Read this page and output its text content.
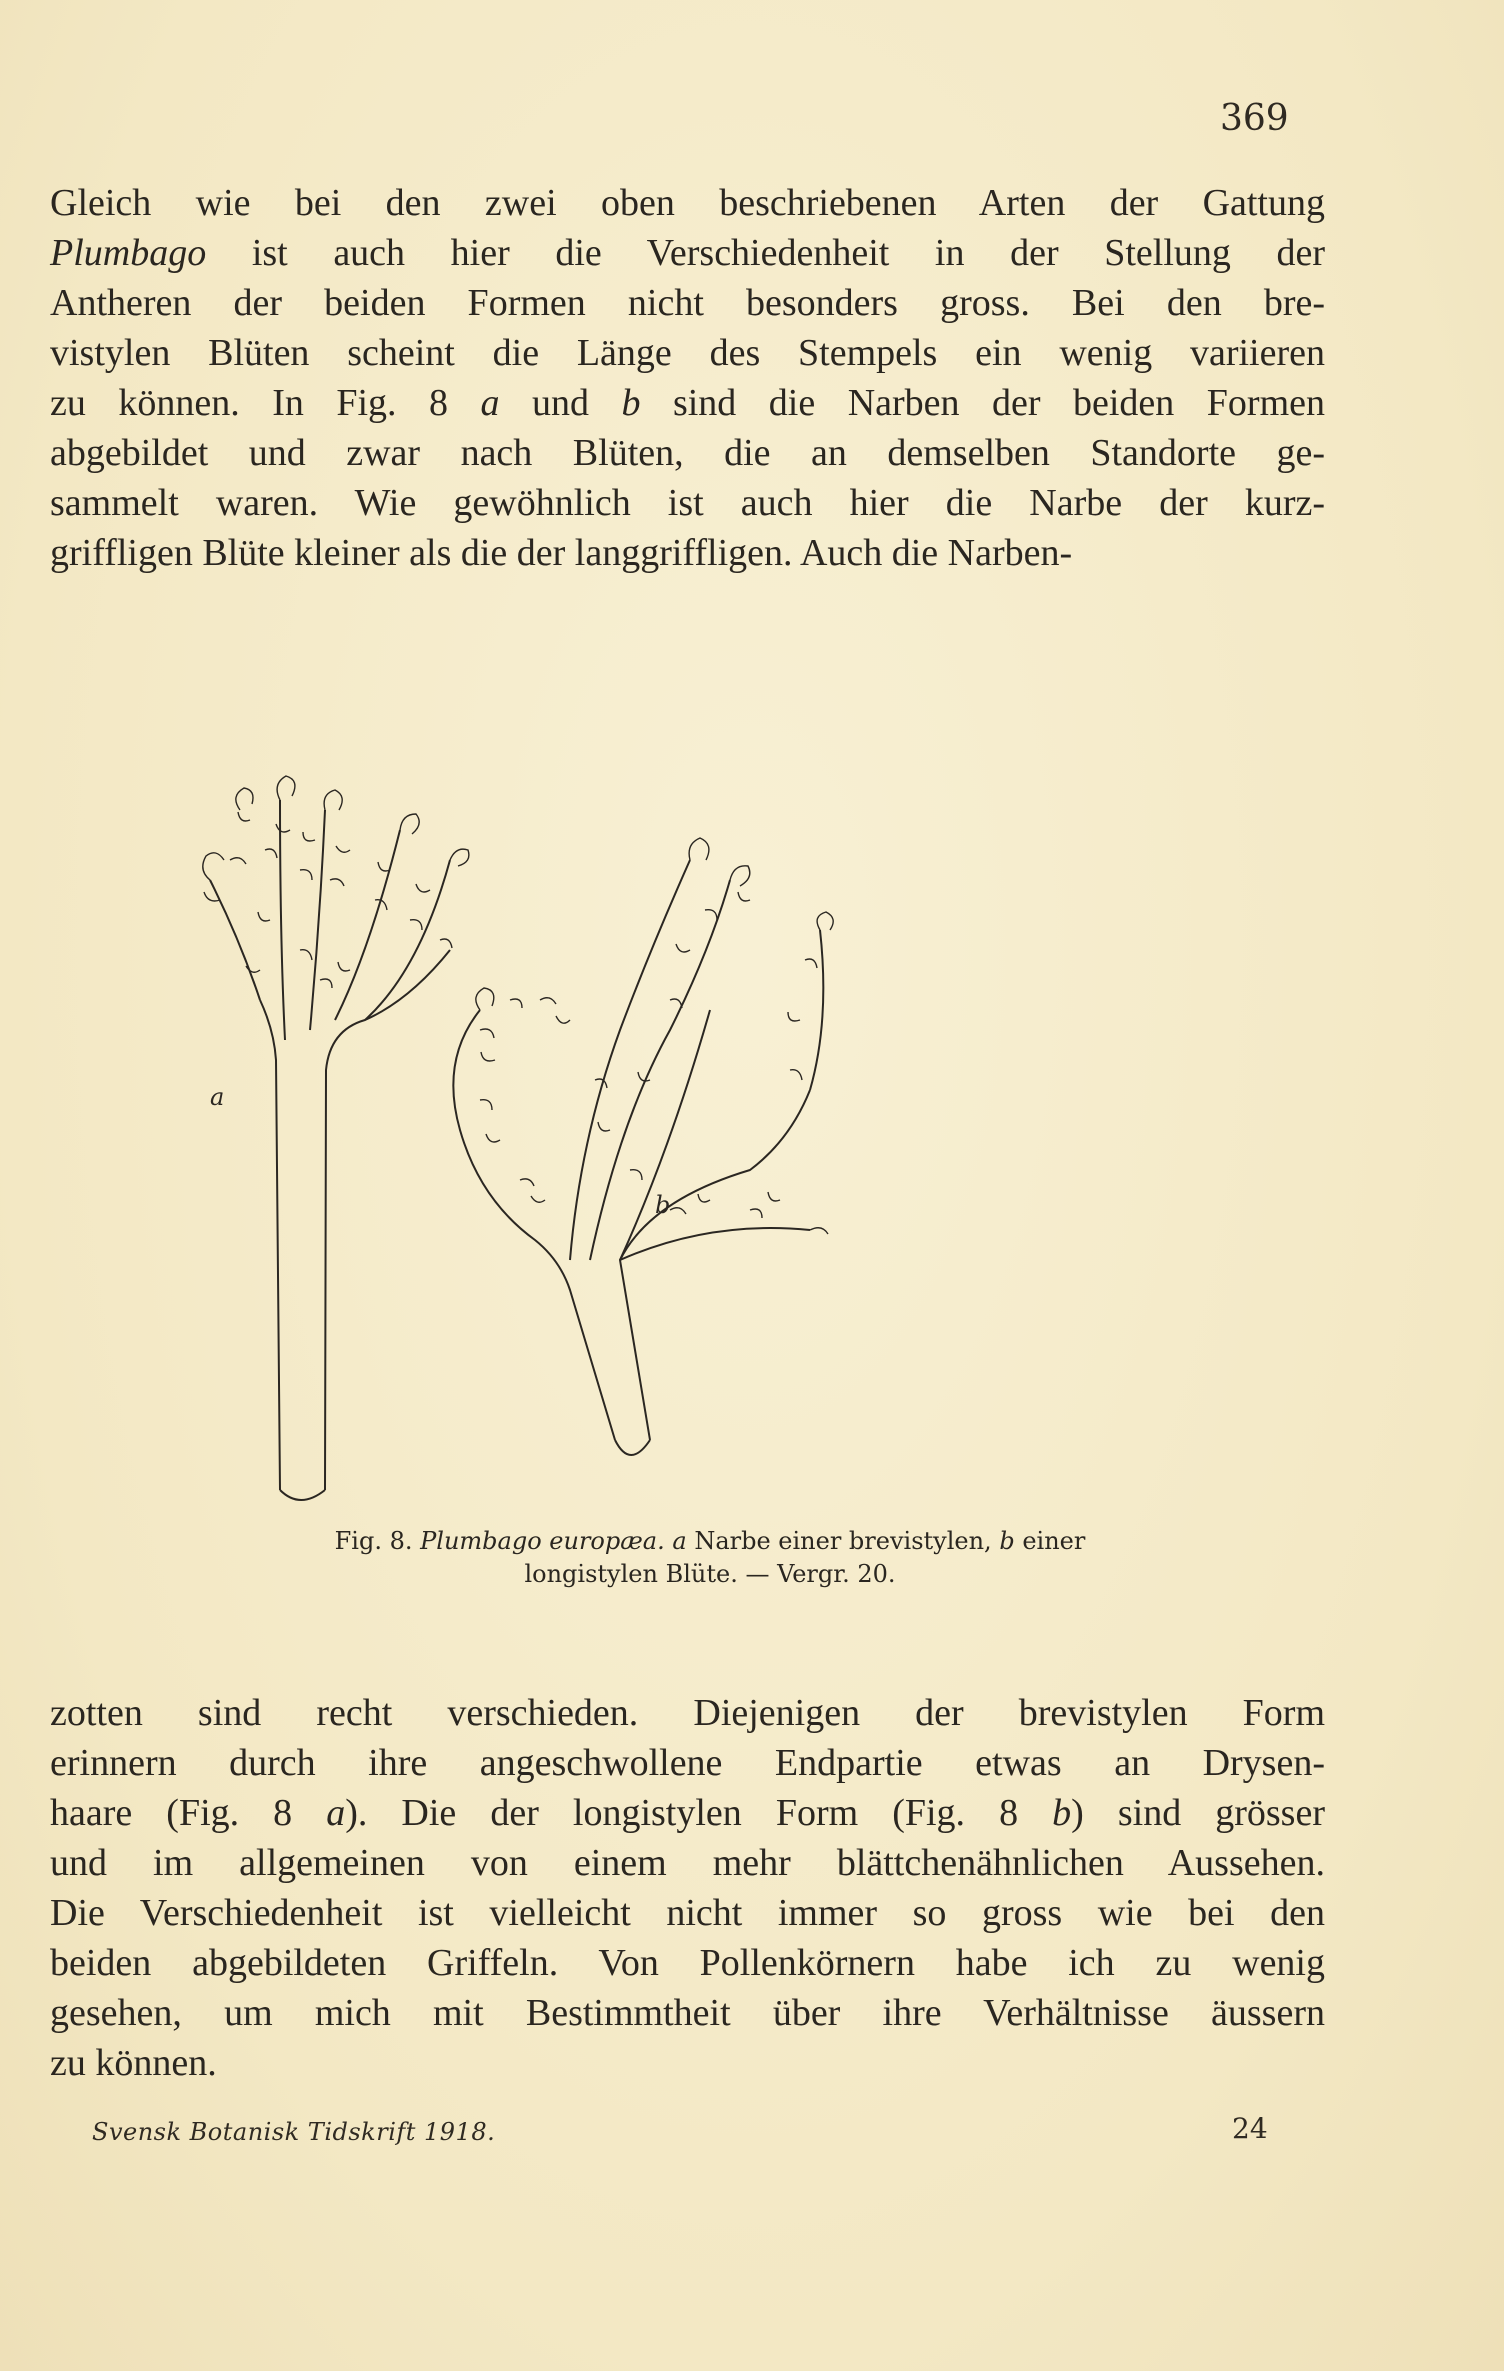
369
Gleich wie bei den zwei oben beschriebenen Arten der Gattung
Plumbago ist auch hier die Verschiedenheit in der Stellung der
Antheren der beiden Formen nicht besonders gross. Bei den bre-
vistylen Blüten scheint die Länge des Stempels ein wenig variieren
zu können. In Fig. 8 a und b sind die Narben der beiden Formen
abgebildet und zwar nach Blüten, die an demselben Standorte ge-
sammelt waren. Wie gewöhnlich ist auch hier die Narbe der kurz-
griffligen Blüte kleiner als die der langgriffligen. Auch die Narben-
a
b
Fig. 8. Plumbago europæa. a Narbe einer brevistylen, b einer
longistylen Blüte. — Vergr. 20.
zotten sind recht verschieden. Diejenigen der brevistylen Form
erinnern durch ihre angeschwollene Endpartie etwas an Drysen-
haare (Fig. 8 a). Die der longistylen Form (Fig. 8 b) sind grösser
und im allgemeinen von einem mehr blättchenähnlichen Aussehen.
Die Verschiedenheit ist vielleicht nicht immer so gross wie bei den
beiden abgebildeten Griffeln. Von Pollenkörnern habe ich zu wenig
gesehen, um mich mit Bestimmtheit über ihre Verhältnisse äussern
zu können.
Svensk Botanisk Tidskrift 1918.	24
